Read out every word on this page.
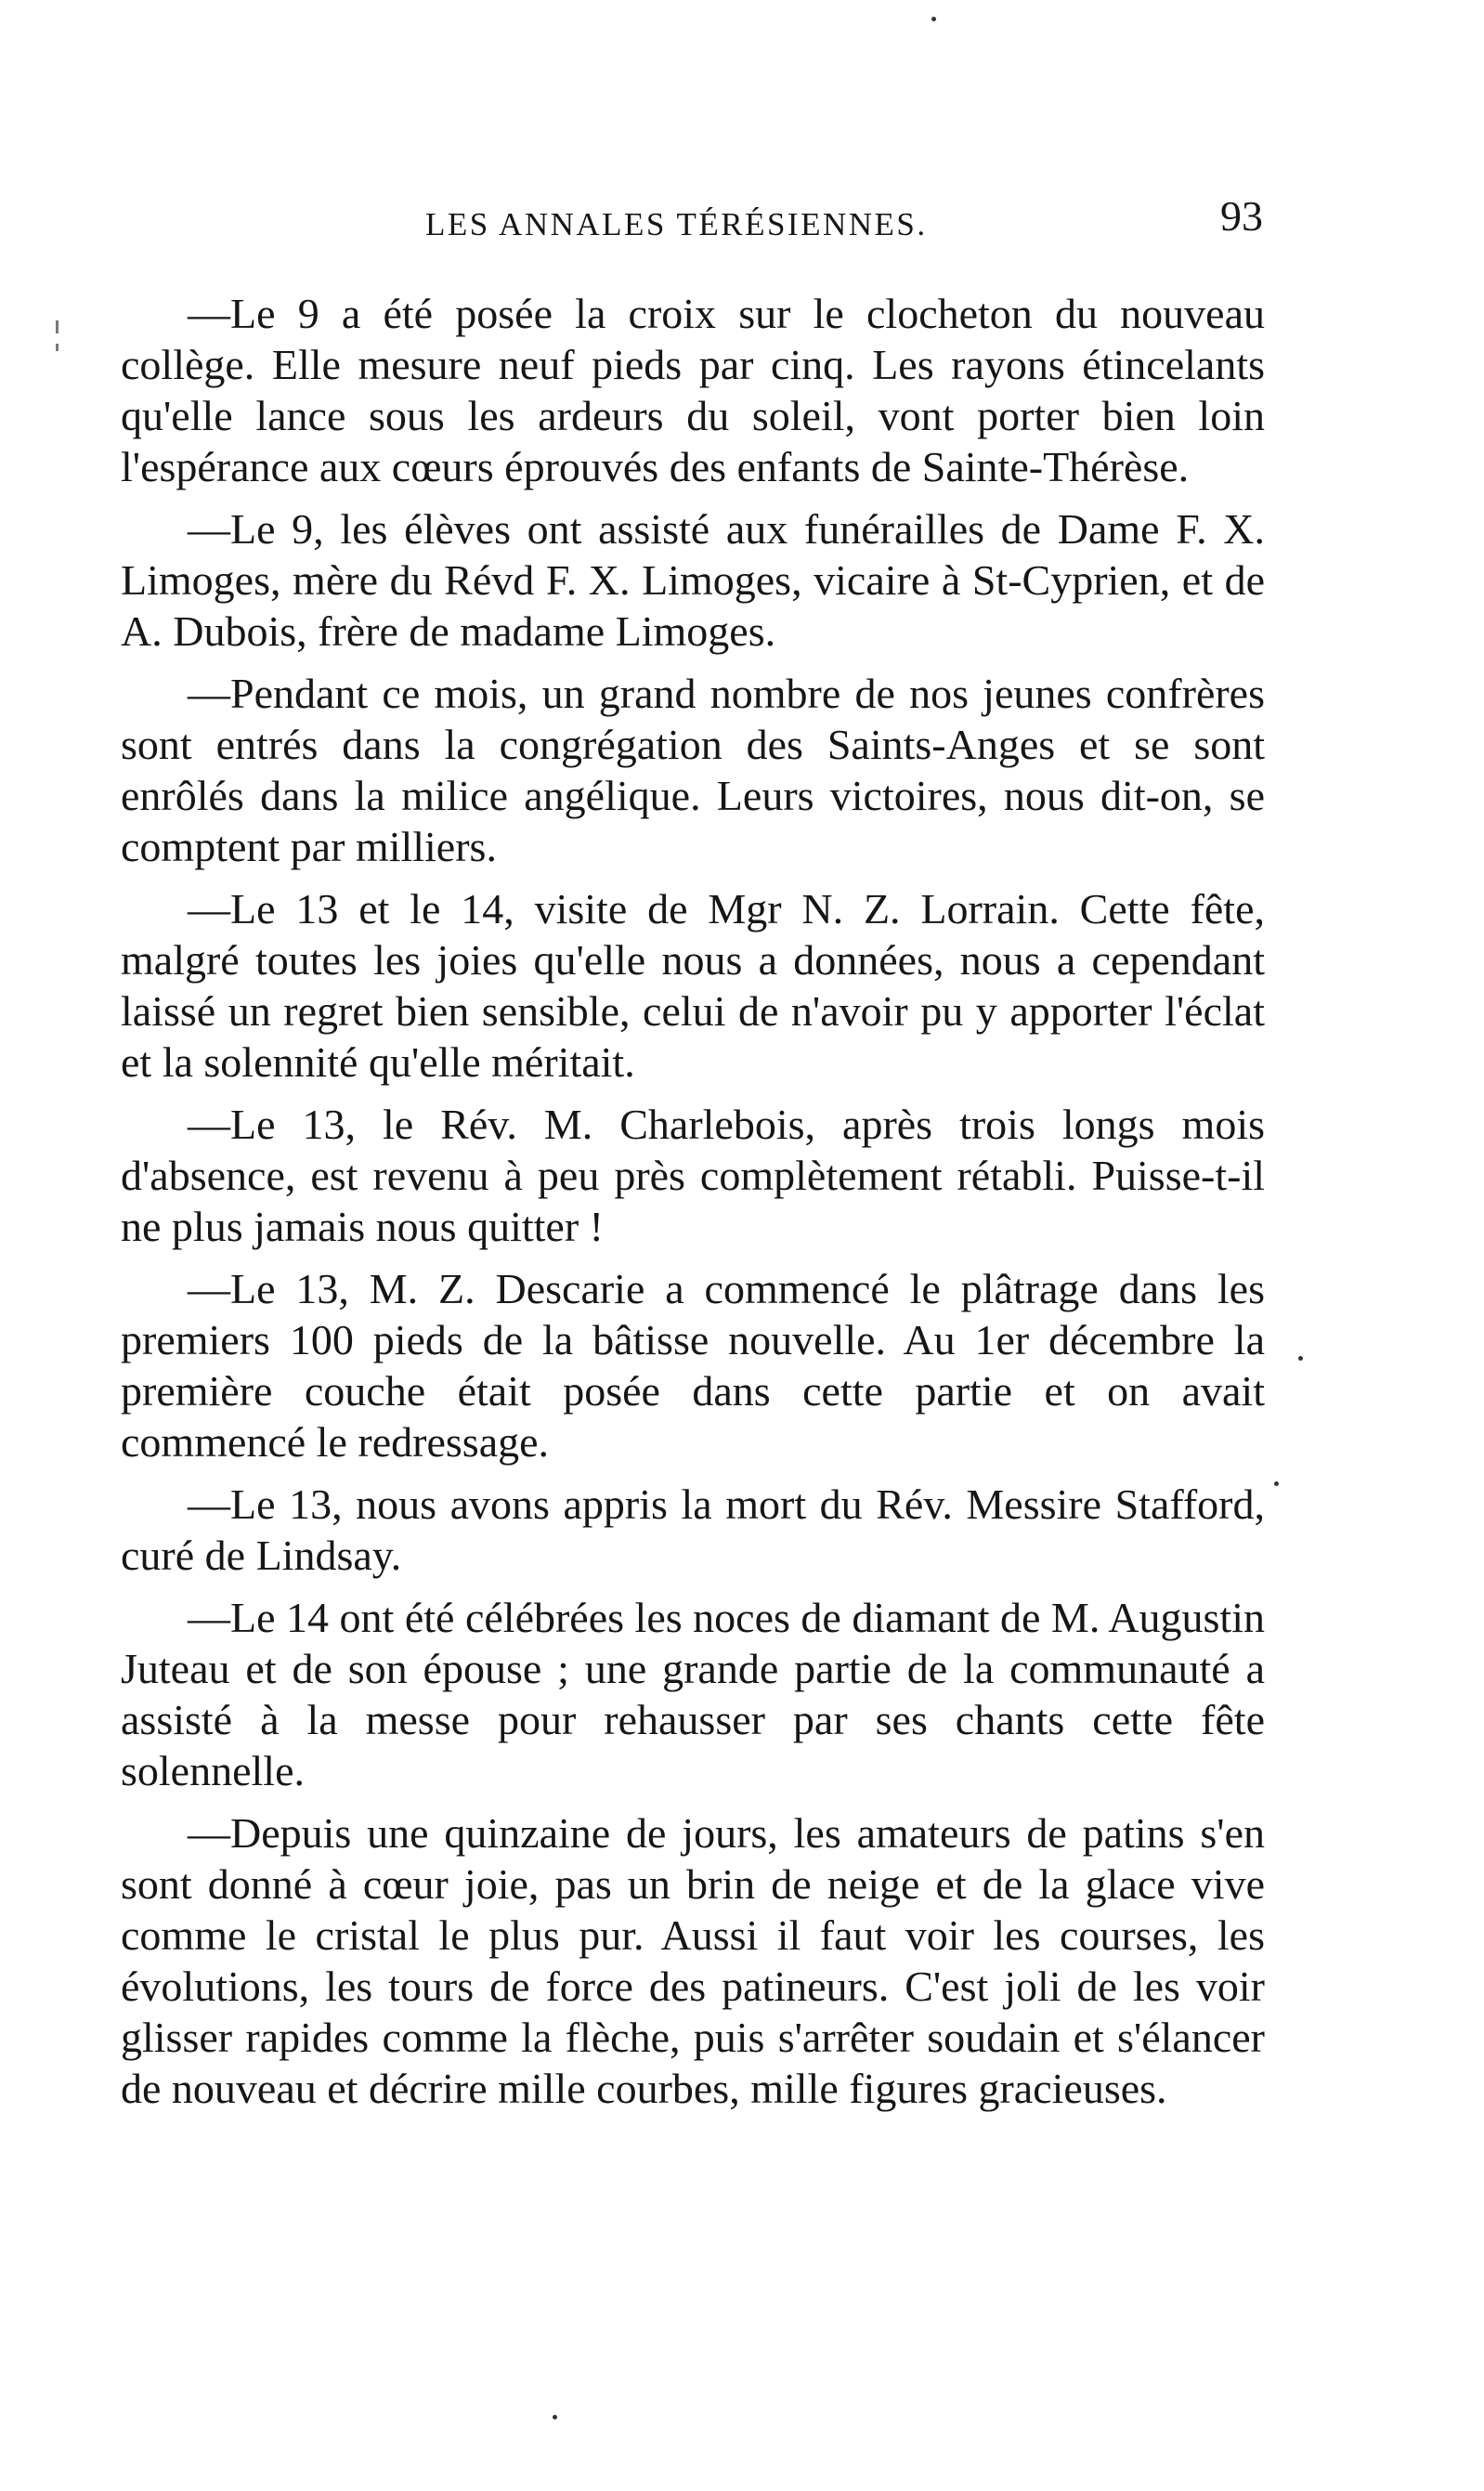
LES ANNALES TÉRÉSIENNES.	93

—Le 9 a été posée la croix sur le clocheton du nouveau collège. Elle mesure neuf pieds par cinq. Les rayons étincelants qu'elle lance sous les ardeurs du soleil, vont porter bien loin l'espérance aux cœurs éprouvés des enfants de Sainte-Thérèse.

—Le 9, les élèves ont assisté aux funérailles de Dame F. X. Limoges, mère du Révd F. X. Limoges, vicaire à St-Cyprien, et de A. Dubois, frère de madame Limoges.

—Pendant ce mois, un grand nombre de nos jeunes confrères sont entrés dans la congrégation des Saints-Anges et se sont enrôlés dans la milice angélique. Leurs victoires, nous dit-on, se comptent par milliers.

—Le 13 et le 14, visite de Mgr N. Z. Lorrain. Cette fête, malgré toutes les joies qu'elle nous a données, nous a cependant laissé un regret bien sensible, celui de n'avoir pu y apporter l'éclat et la solennité qu'elle méritait.

—Le 13, le Rév. M. Charlebois, après trois longs mois d'absence, est revenu à peu près complètement rétabli. Puisse-t-il ne plus jamais nous quitter !

—Le 13, M. Z. Descarie a commencé le plâtrage dans les premiers 100 pieds de la bâtisse nouvelle. Au 1er décembre la première couche était posée dans cette partie et on avait commencé le redressage.

—Le 13, nous avons appris la mort du Rév. Messire Stafford, curé de Lindsay.

—Le 14 ont été célébrées les noces de diamant de M. Augustin Juteau et de son épouse ; une grande partie de la communauté a assisté à la messe pour rehausser par ses chants cette fête solennelle.

—Depuis une quinzaine de jours, les amateurs de patins s'en sont donné à cœur joie, pas un brin de neige et de la glace vive comme le cristal le plus pur. Aussi il faut voir les courses, les évolutions, les tours de force des patineurs. C'est joli de les voir glisser rapides comme la flèche, puis s'arrêter soudain et s'élancer de nouveau et décrire mille courbes, mille figures gracieuses.
